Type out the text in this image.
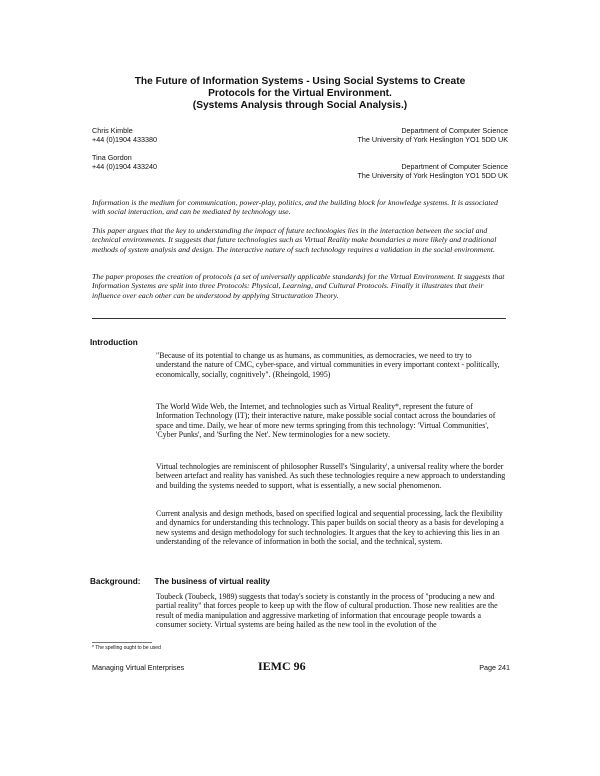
The Future of Information Systems - Using Social Systems to Create
Protocols for the Virtual Environment.
(Systems Analysis through Social Analysis.)
Chris Kimble
+44 (0)1904 433380
Department of Computer Science
The University of York Heslington YO1 5DD UK
Tina Gordon
+44 (0)1904 433240	Department of Computer Science
The University of York Heslington YO1 5DD UK

Information is the medium for communication, power-play, politics, and the building block for knowledge systems. It is associated with social interaction, and can be mediated by technology use.

This paper argues that the key to understanding the impact of future technologies lies in the interaction between the social and technical environments. It suggests that future technologies such as Virtual Reality make boundaries a more likely and traditional methods of system analysis and design. The interactive nature of such technology requires a validation in the social environment.

The paper proposes the creation of protocols (a set of universally applicable standards) for the Virtual Environment. It suggests that Information Systems are split into three Protocols: Physical, Learning, and Cultural Protocols. Finally it illustrates that their influence over each other can be understood by applying Structuration Theory.

Introduction

"Because of its potential to change us as humans, as communities, as democracies, we need to try to understand the nature of CMC, cyber-space, and virtual communities in every important context - politically, economically, socially, cognitively". (Rheingold, 1995)

The World Wide Web, the Internet, and technologies such as Virtual Reality*, represent the future of Information Technology (IT); their interactive nature, make possible social contact across the boundaries of space and time. Daily, we hear of more new terms springing from this technology: 'Virtual Communities', 'Cyber Punks', and 'Surfing the Net'. New terminologies for a new society.

Virtual technologies are reminiscent of philosopher Russell's 'Singularity', a universal reality where the border between artefact and reality has vanished. As such these technologies require a new approach to understanding and building the systems needed to support, what is essentially, a new social phenomenon.

Current analysis and design methods, based on specified logical and sequential processing, lack the flexibility and dynamics for understanding this technology. This paper builds on social theory as a basis for developing a new systems and design methodology for such technologies. It argues that the key to achieving this lies in an understanding of the relevance of information in both the social, and the technical, system.

Background: The business of virtual reality

Toubeck (Toubeck, 1989) suggests that today's society is constantly in the process of "producing a new and partial reality" that forces people to keep up with the flow of cultural production. Those new realities are the result of media manipulation and aggressive marketing of information that encourage people towards a consumer society. Virtual systems are being hailed as the new tool in the evolution of the

* The spelling ought to be used
Managing Virtual Enterprises	IEMC 96	Page 241
